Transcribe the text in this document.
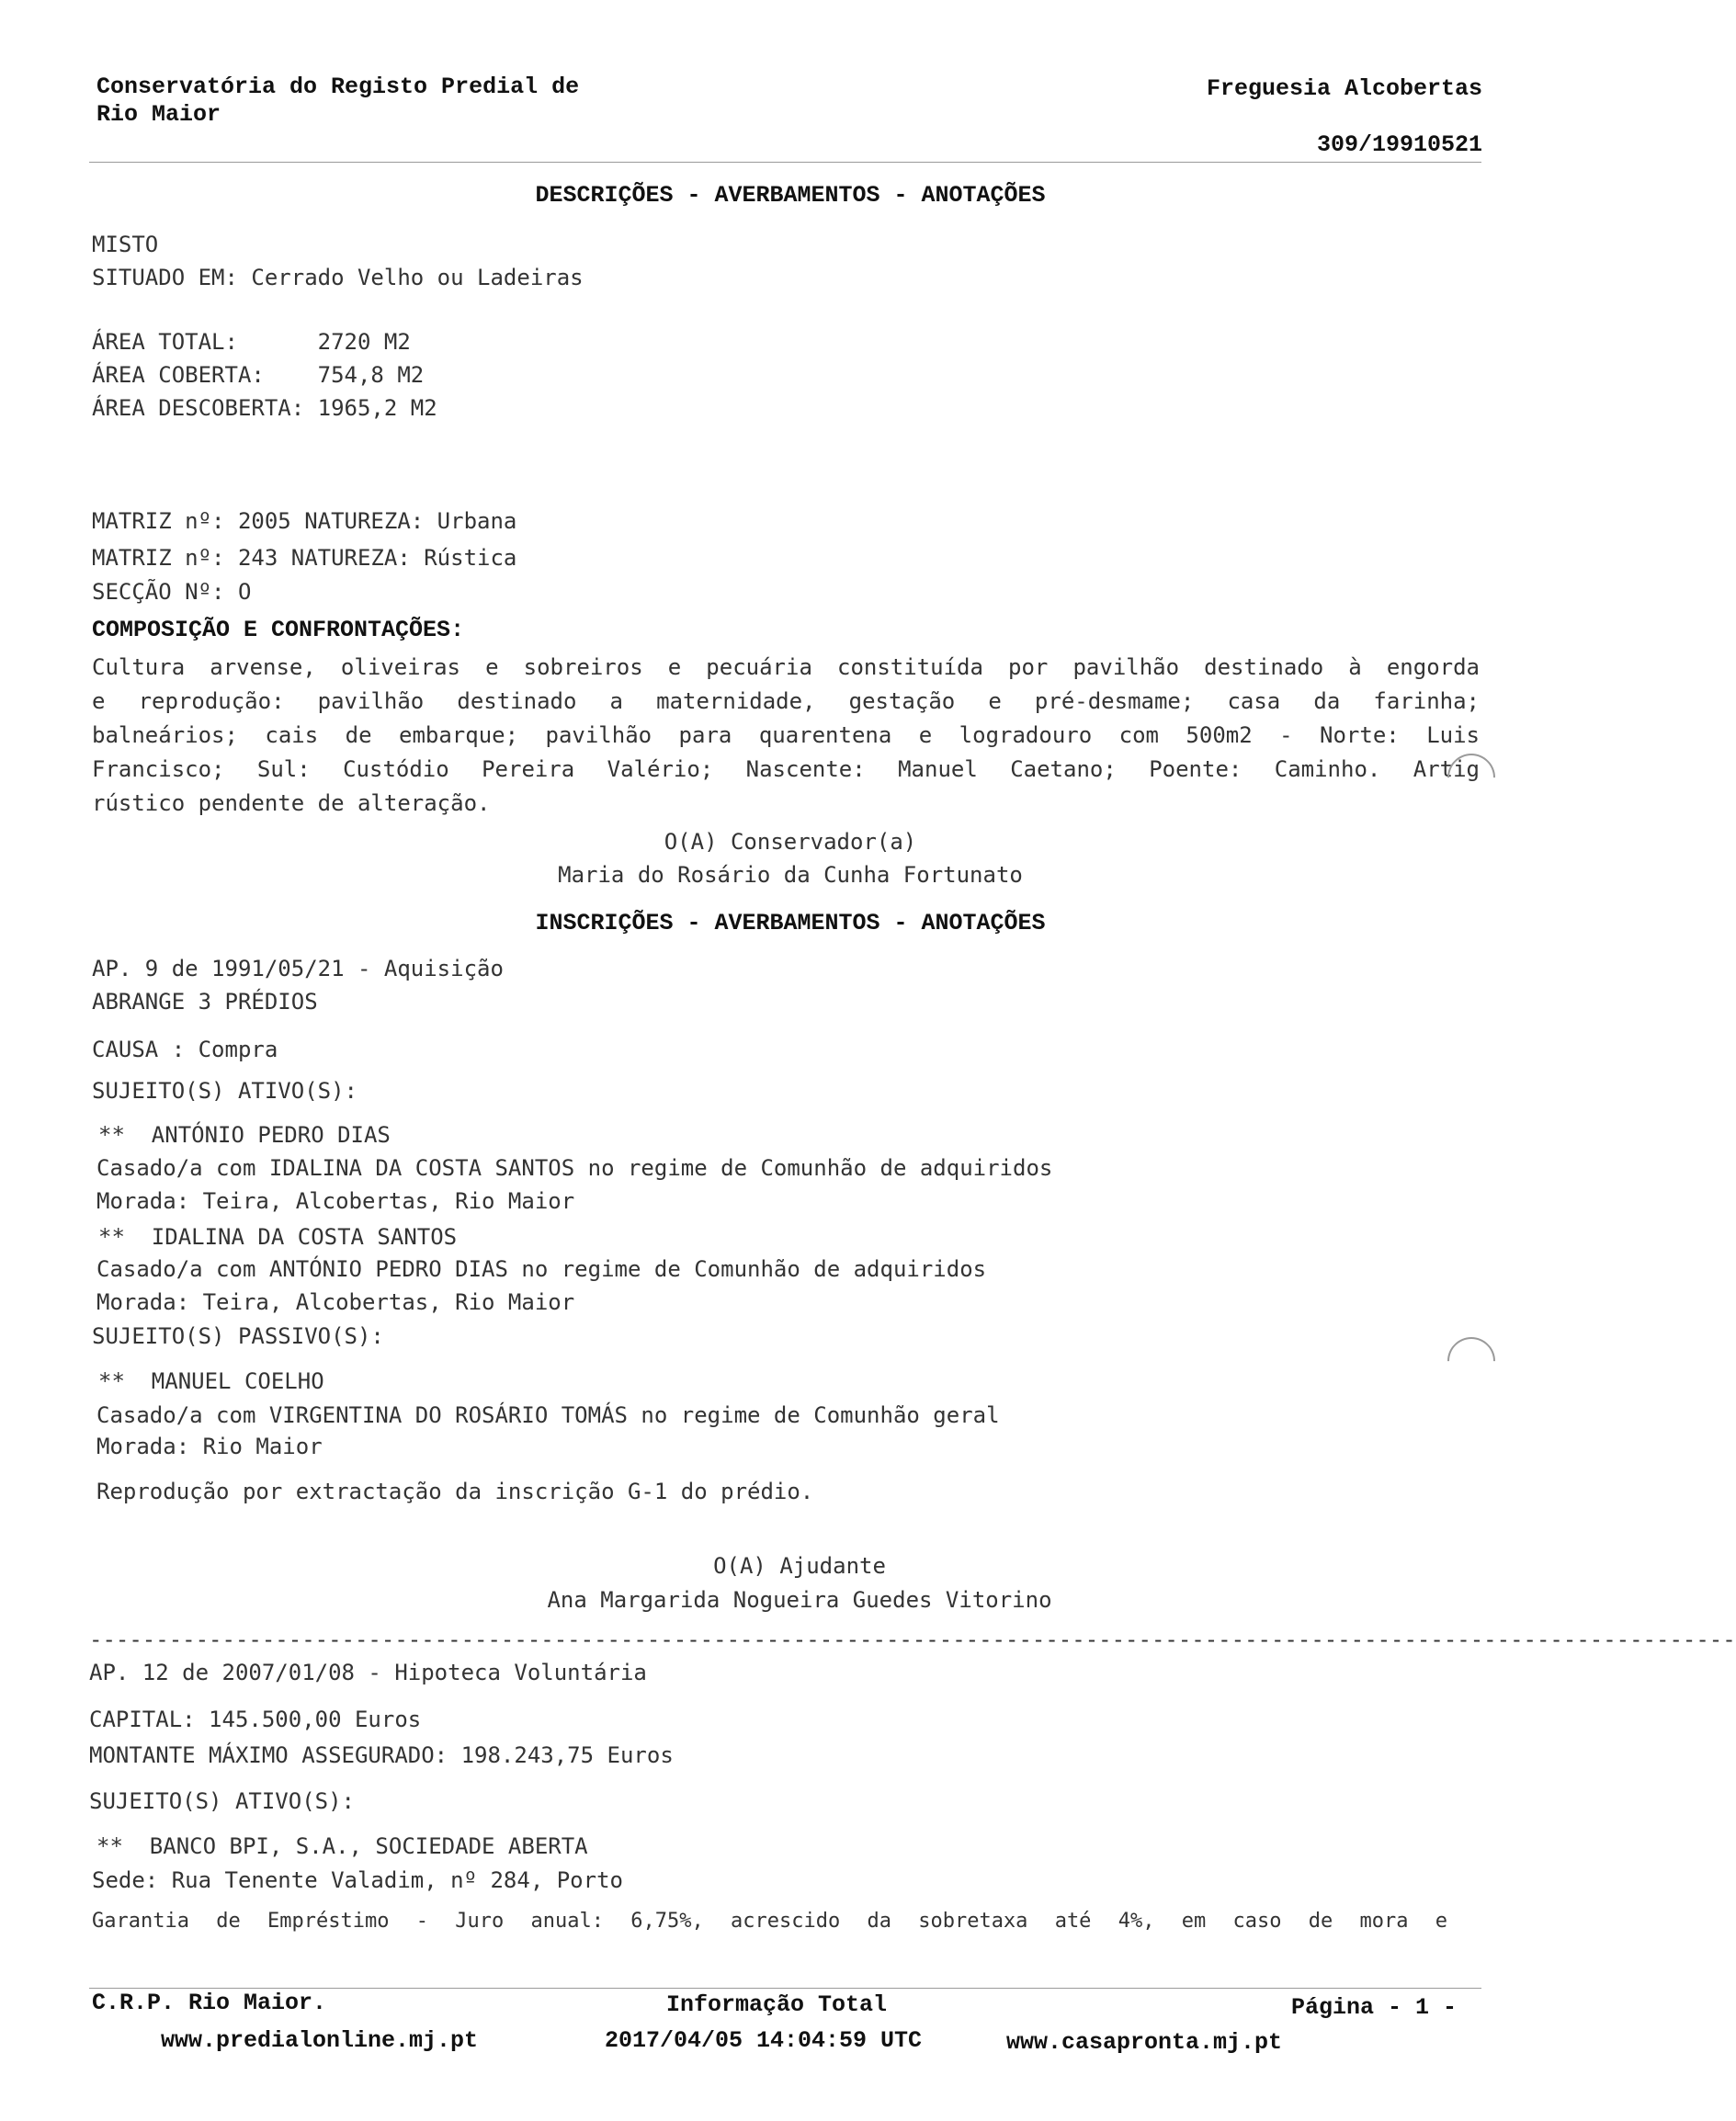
Conservatória do Registo Predial de
Rio Maior
Freguesia Alcobertas
309/19910521
DESCRIÇÕES - AVERBAMENTOS - ANOTAÇÕES
MISTO
SITUADO EM: Cerrado Velho ou Ladeiras
ÁREA TOTAL:      2720 M2
ÁREA COBERTA:    754,8 M2
ÁREA DESCOBERTA: 1965,2 M2
MATRIZ nº: 2005 NATUREZA: Urbana
MATRIZ nº: 243 NATUREZA: Rústica
SECÇÃO Nº: O
COMPOSIÇÃO E CONFRONTAÇÕES:
Cultura arvense, oliveiras e sobreiros e pecuária constituída por pavilhão destinado à engorda
e reprodução: pavilhão destinado a maternidade, gestação e pré-desmame; casa da farinha;
balneários; cais de embarque; pavilhão para quarentena e logradouro com 500m2 - Norte: Luis
Francisco; Sul: Custódio Pereira Valério; Nascente: Manuel Caetano; Poente: Caminho. Artig
rústico pendente de alteração.
O(A) Conservador(a)
Maria do Rosário da Cunha Fortunato
INSCRIÇÕES - AVERBAMENTOS - ANOTAÇÕES
AP. 9 de 1991/05/21 - Aquisição
ABRANGE 3 PRÉDIOS
CAUSA : Compra
SUJEITO(S) ATIVO(S):
**  ANTÓNIO PEDRO DIAS
Casado/a com IDALINA DA COSTA SANTOS no regime de Comunhão de adquiridos
Morada: Teira, Alcobertas, Rio Maior
**  IDALINA DA COSTA SANTOS
Casado/a com ANTÓNIO PEDRO DIAS no regime de Comunhão de adquiridos
Morada: Teira, Alcobertas, Rio Maior
SUJEITO(S) PASSIVO(S):
**  MANUEL COELHO
Casado/a com VIRGENTINA DO ROSÁRIO TOMÁS no regime de Comunhão geral
Morada: Rio Maior
Reprodução por extractação da inscrição G-1 do prédio.
O(A) Ajudante
Ana Margarida Nogueira Guedes Vitorino
----------------------------------------------------------------------------------------------------------------------------
AP. 12 de 2007/01/08 - Hipoteca Voluntária
CAPITAL: 145.500,00 Euros
MONTANTE MÁXIMO ASSEGURADO: 198.243,75 Euros
SUJEITO(S) ATIVO(S):
**  BANCO BPI, S.A., SOCIEDADE ABERTA
Sede: Rua Tenente Valadim, nº 284, Porto
Garantia de Empréstimo - Juro anual: 6,75%, acrescido da sobretaxa até 4%, em caso de mora e
C.R.P. Rio Maior.	Informação Total	Página - 1 -
www.predialonline.mj.pt	2017/04/05 14:04:59 UTC	www.casapronta.mj.pt
